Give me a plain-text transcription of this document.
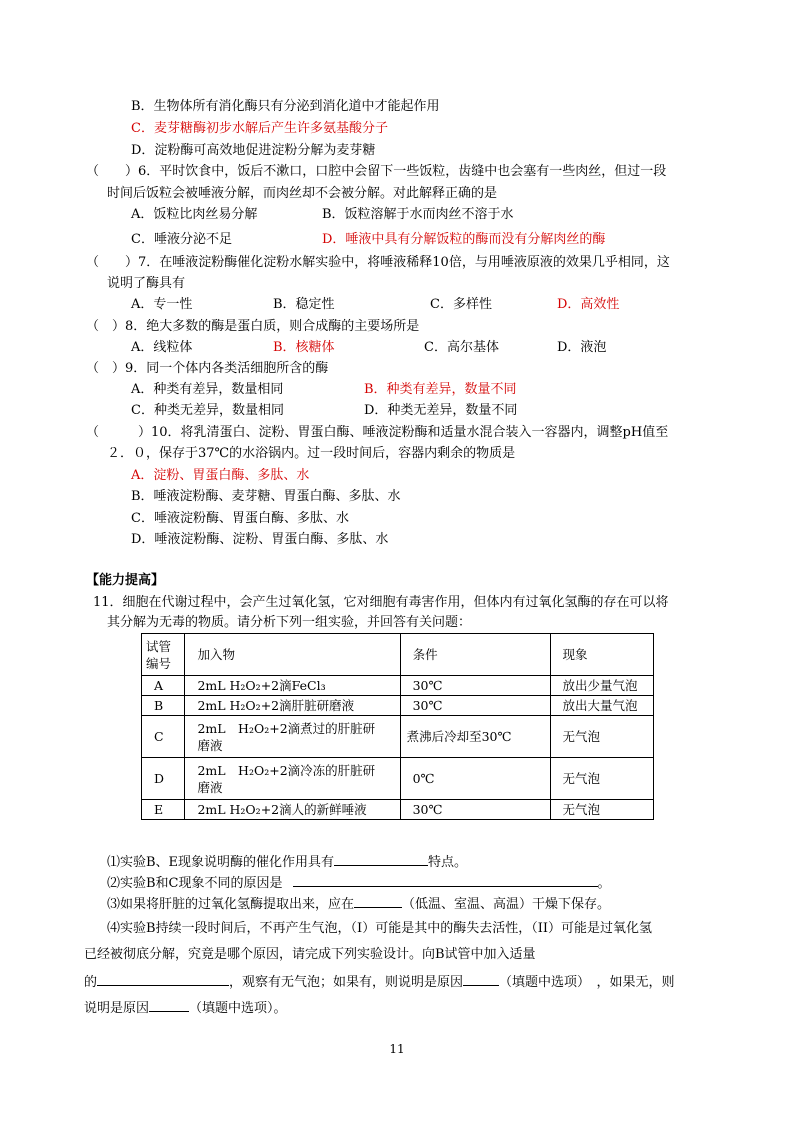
B．生物体所有消化酶只有分泌到消化道中才能起作用
C．麦芽糖酶初步水解后产生许多氨基酸分子
D．淀粉酶可高效地促进淀粉分解为麦芽糖
（　　）6．平时饮食中，饭后不漱口，口腔中会留下一些饭粒，齿缝中也会塞有一些肉丝，但过一段
时间后饭粒会被唾液分解，而肉丝却不会被分解。对此解释正确的是
A．饭粒比肉丝易分解	B．饭粒溶解于水而肉丝不溶于水
C．唾液分泌不足	D．唾液中具有分解饭粒的酶而没有分解肉丝的酶
（　　）7．在唾液淀粉酶催化淀粉水解实验中，将唾液稀释10倍，与用唾液原液的效果几乎相同，这
说明了酶具有
A．专一性	B．稳定性	C．多样性	D．高效性
（　）8．绝大多数的酶是蛋白质，则合成酶的主要场所是
A．线粒体	B．核糖体	C．高尔基体	D．液泡
（　）9．同一个体内各类活细胞所含的酶
A．种类有差异，数量相同	B．种类有差异，数量不同
C．种类无差异，数量相同	D．种类无差异，数量不同
（　　　）10．将乳清蛋白、淀粉、胃蛋白酶、唾液淀粉酶和适量水混合装入一容器内，调整pH值至
２．０，保存于37℃的水浴锅内。过一段时间后，容器内剩余的物质是
A．淀粉、胃蛋白酶、多肽、水
B．唾液淀粉酶、麦芽糖、胃蛋白酶、多肽、水
C．唾液淀粉酶、胃蛋白酶、多肽、水
D．唾液淀粉酶、淀粉、胃蛋白酶、多肽、水
【能力提高】
11．细胞在代谢过程中，会产生过氧化氢，它对细胞有毒害作用，但体内有过氧化氢酶的存在可以将
其分解为无毒的物质。请分析下列一组实验，并回答有关问题：
试管
编号	加入物	条件	现象
A	2mL H₂O₂+2滴FeCl₃	30℃	放出少量气泡
B	2mL H₂O₂+2滴肝脏研磨液	30℃	放出大量气泡
C	2mL　H₂O₂+2滴煮过的肝脏研磨液	煮沸后冷却至30℃	无气泡
D	2mL　H₂O₂+2滴冷冻的肝脏研磨液	0℃	无气泡
E	2mL H₂O₂+2滴人的新鲜唾液	30℃	无气泡
⑴实验B、E现象说明酶的催化作用具有	特点。
⑵实验B和C现象不同的原因是	。
⑶如果将肝脏的过氧化氢酶提取出来，应在	（低温、室温、高温）干燥下保存。
⑷实验B持续一段时间后，不再产生气泡，（I）可能是其中的酶失去活性，（II）可能是过氧化氢
已经被彻底分解，究竟是哪个原因，请完成下列实验设计。向B试管中加入适量
的	，观察有无气泡；如果有，则说明是原因	（填题中选项）　，如果无，则
说明是原因	（填题中选项）。
11
